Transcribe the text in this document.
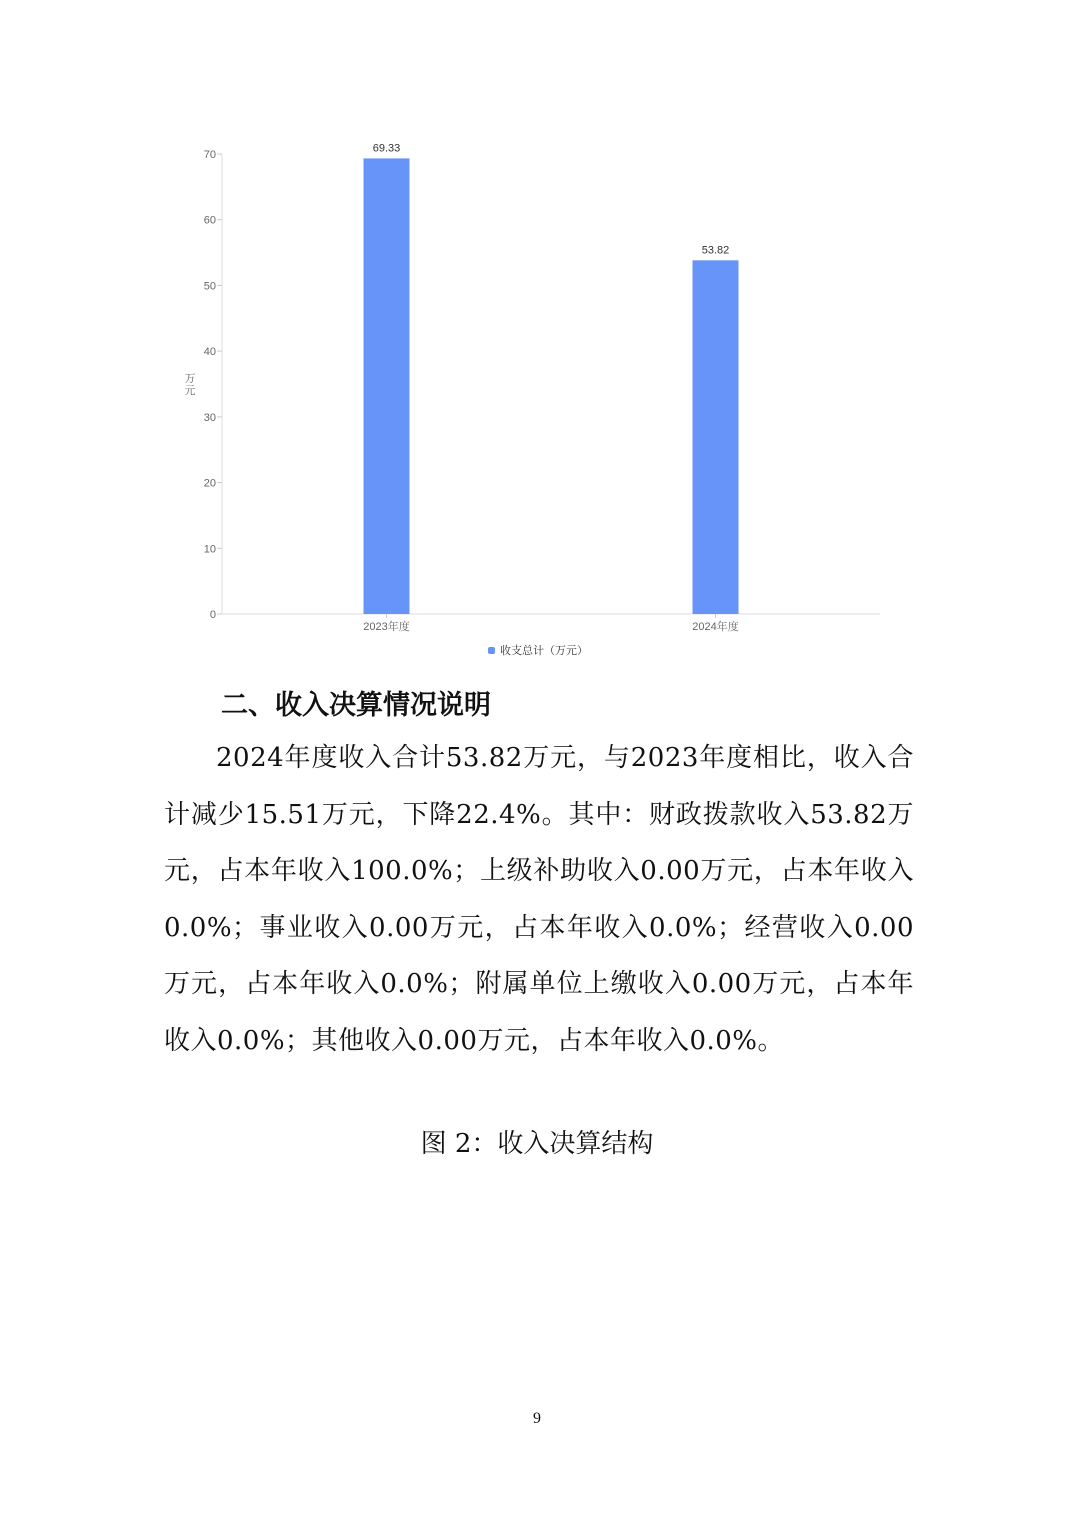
0
10
20
30
40
50
60
70
2023年度	2024年度
69.33
53.82
万元
收支总计（万元）
二、收入决算情况说明

2024年度收入合计53.82万元，与2023年度相比，收入合计减少15.51万元，下降22.4%。其中：财政拨款收入53.82万元，占本年收入100.0%；上级补助收入0.00万元，占本年收入0.0%；事业收入0.00万元，占本年收入0.0%；经营收入0.00万元，占本年收入0.0%；附属单位上缴收入0.00万元，占本年收入0.0%；其他收入0.00万元，占本年收入0.0%。

图 2：收入决算结构

9
